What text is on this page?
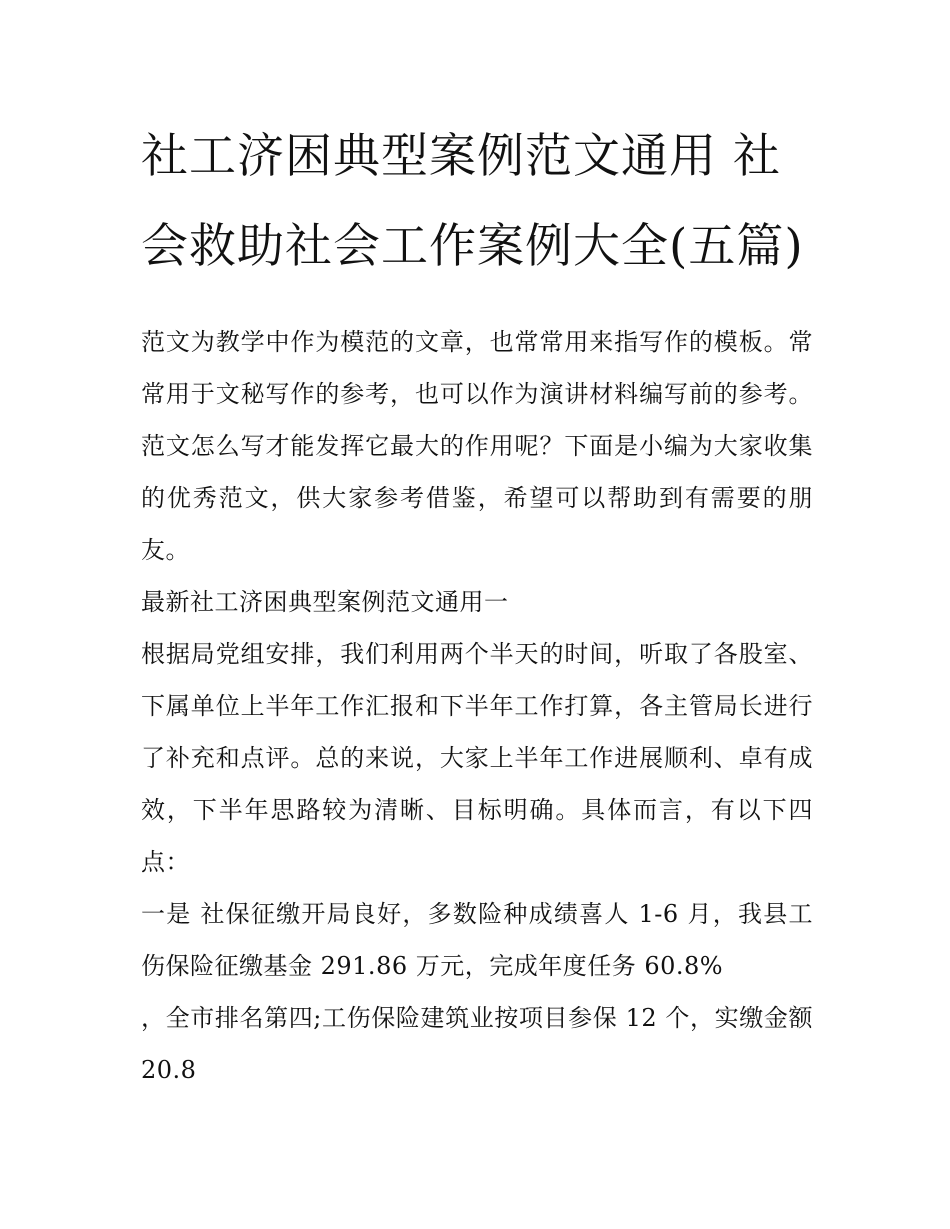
社工济困典型案例范文通用 社会救助社会工作案例大全(五篇)

范文为教学中作为模范的文章，也常常用来指写作的模板。常常用于文秘写作的参考，也可以作为演讲材料编写前的参考。范文怎么写才能发挥它最大的作用呢？下面是小编为大家收集的优秀范文，供大家参考借鉴，希望可以帮助到有需要的朋友。

最新社工济困典型案例范文通用一

根据局党组安排，我们利用两个半天的时间，听取了各股室、下属单位上半年工作汇报和下半年工作打算，各主管局长进行了补充和点评。总的来说，大家上半年工作进展顺利、卓有成效，下半年思路较为清晰、目标明确。具体而言，有以下四点：

一是 社保征缴开局良好，多数险种成绩喜人 1-6 月，我县工伤保险征缴基金 291.86 万元，完成年度任务 60.8%

，全市排名第四;工伤保险建筑业按项目参保 12 个，实缴金额 20.8
